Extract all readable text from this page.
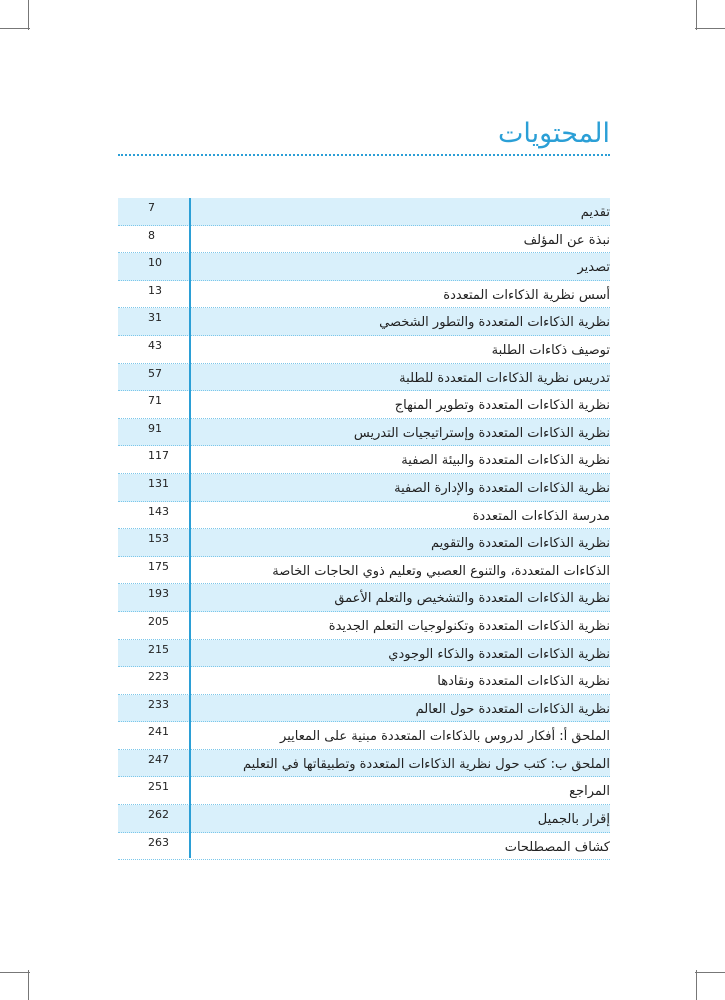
المحتويات
7	تقديم
8	نبذة عن المؤلف
10	تصدير
13	أسس نظرية الذكاءات المتعددة
31	نظرية الذكاءات المتعددة والتطور الشخصي
43	توصيف ذكاءات الطلبة
57	تدريس نظرية الذكاءات المتعددة للطلبة
71	نظرية الذكاءات المتعددة وتطوير المنهاج
91	نظرية الذكاءات المتعددة وإستراتيجيات التدريس
117	نظرية الذكاءات المتعددة والبيئة الصفية
131	نظرية الذكاءات المتعددة والإدارة الصفية
143	مدرسة الذكاءات المتعددة
153	نظرية الذكاءات المتعددة والتقويم
175	الذكاءات المتعددة، والتنوع العصبي وتعليم ذوي الحاجات الخاصة
193	نظرية الذكاءات المتعددة والتشخيص والتعلم الأعمق
205	نظرية الذكاءات المتعددة وتكنولوجيات التعلم الجديدة
215	نظرية الذكاءات المتعددة والذكاء الوجودي
223	نظرية الذكاءات المتعددة ونقادها
233	نظرية الذكاءات المتعددة حول العالم
241	الملحق أ: أفكار لدروس بالذكاءات المتعددة مبنية على المعايير
247	الملحق ب: كتب حول نظرية الذكاءات المتعددة وتطبيقاتها في التعليم
251	المراجع
262	إقرار بالجميل
263	كشاف المصطلحات
